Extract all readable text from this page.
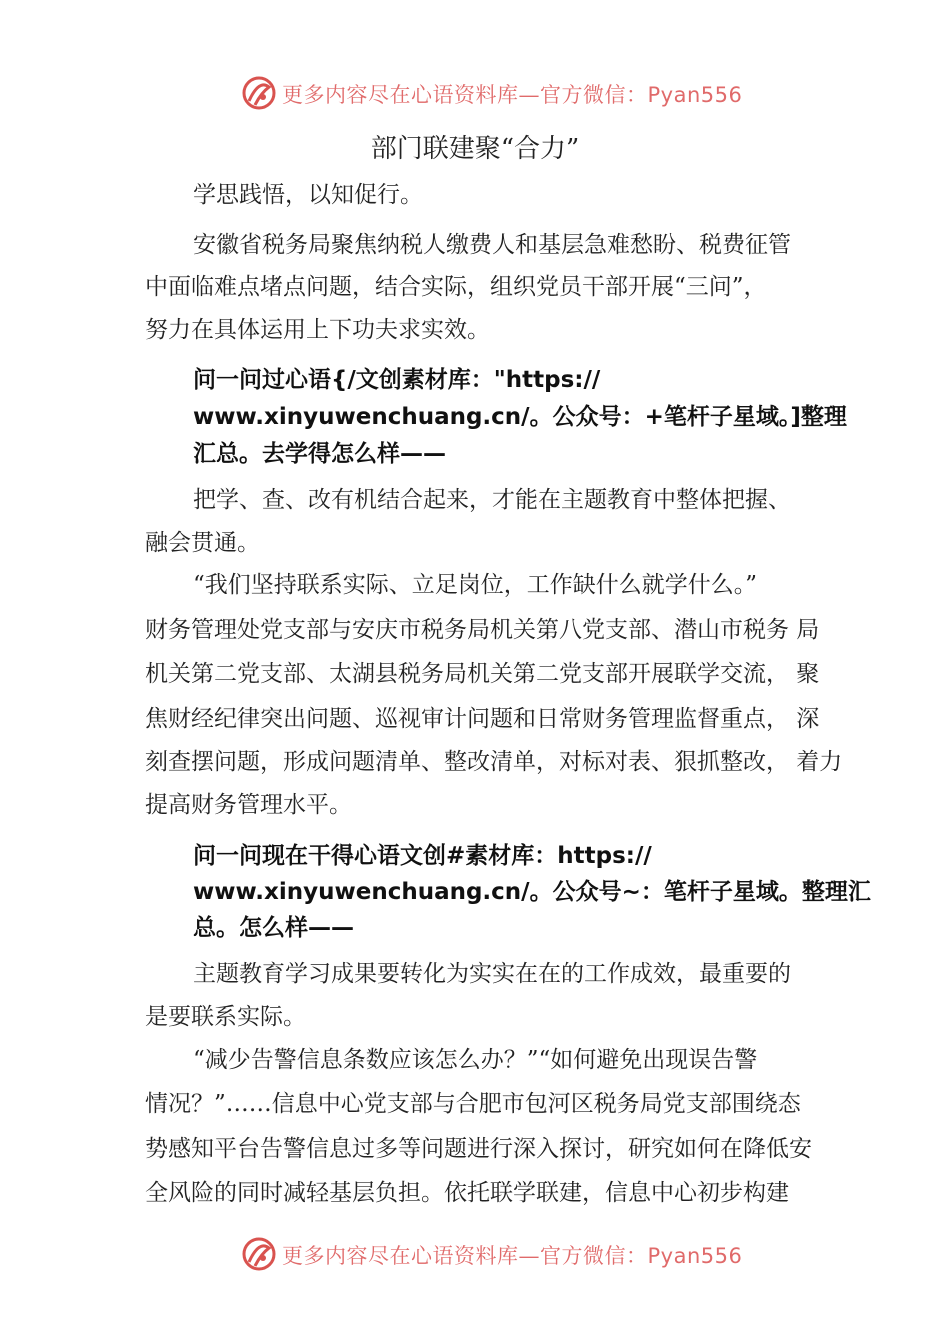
更多内容尽在心语资料库—官方微信：Pyan556
部门联建聚“合力”
学思践悟，以知促行。
安徽省税务局聚焦纳税人缴费人和基层急难愁盼、税费征管
中面临难点堵点问题，结合实际，组织党员干部开展“三问”，
努力在具体运用上下功夫求实效。
问一问过心语{/文创素材库："https://
www.xinyuwenchuang.cn/。公众号：+笔杆子星域。]整理
汇总。去学得怎么样——
把学、查、改有机结合起来，才能在主题教育中整体把握、
融会贯通。
“我们坚持联系实际、立足岗位，工作缺什么就学什么。”
财务管理处党支部与安庆市税务局机关第八党支部、潜山市税务 局
机关第二党支部、太湖县税务局机关第二党支部开展联学交流， 聚
焦财经纪律突出问题、巡视审计问题和日常财务管理监督重点， 深
刻查摆问题，形成问题清单、整改清单，对标对表、狠抓整改， 着力
提高财务管理水平。
问一问现在干得心语文创#素材库：https://
www.xinyuwenchuang.cn/。公众号~：笔杆子星域。整理汇
总。怎么样——
主题教育学习成果要转化为实实在在的工作成效，最重要的
是要联系实际。
“减少告警信息条数应该怎么办？”“如何避免出现误告警
情况？”……信息中心党支部与合肥市包河区税务局党支部围绕态
势感知平台告警信息过多等问题进行深入探讨，研究如何在降低安
全风险的同时减轻基层负担。依托联学联建，信息中心初步构建
更多内容尽在心语资料库—官方微信：Pyan556
